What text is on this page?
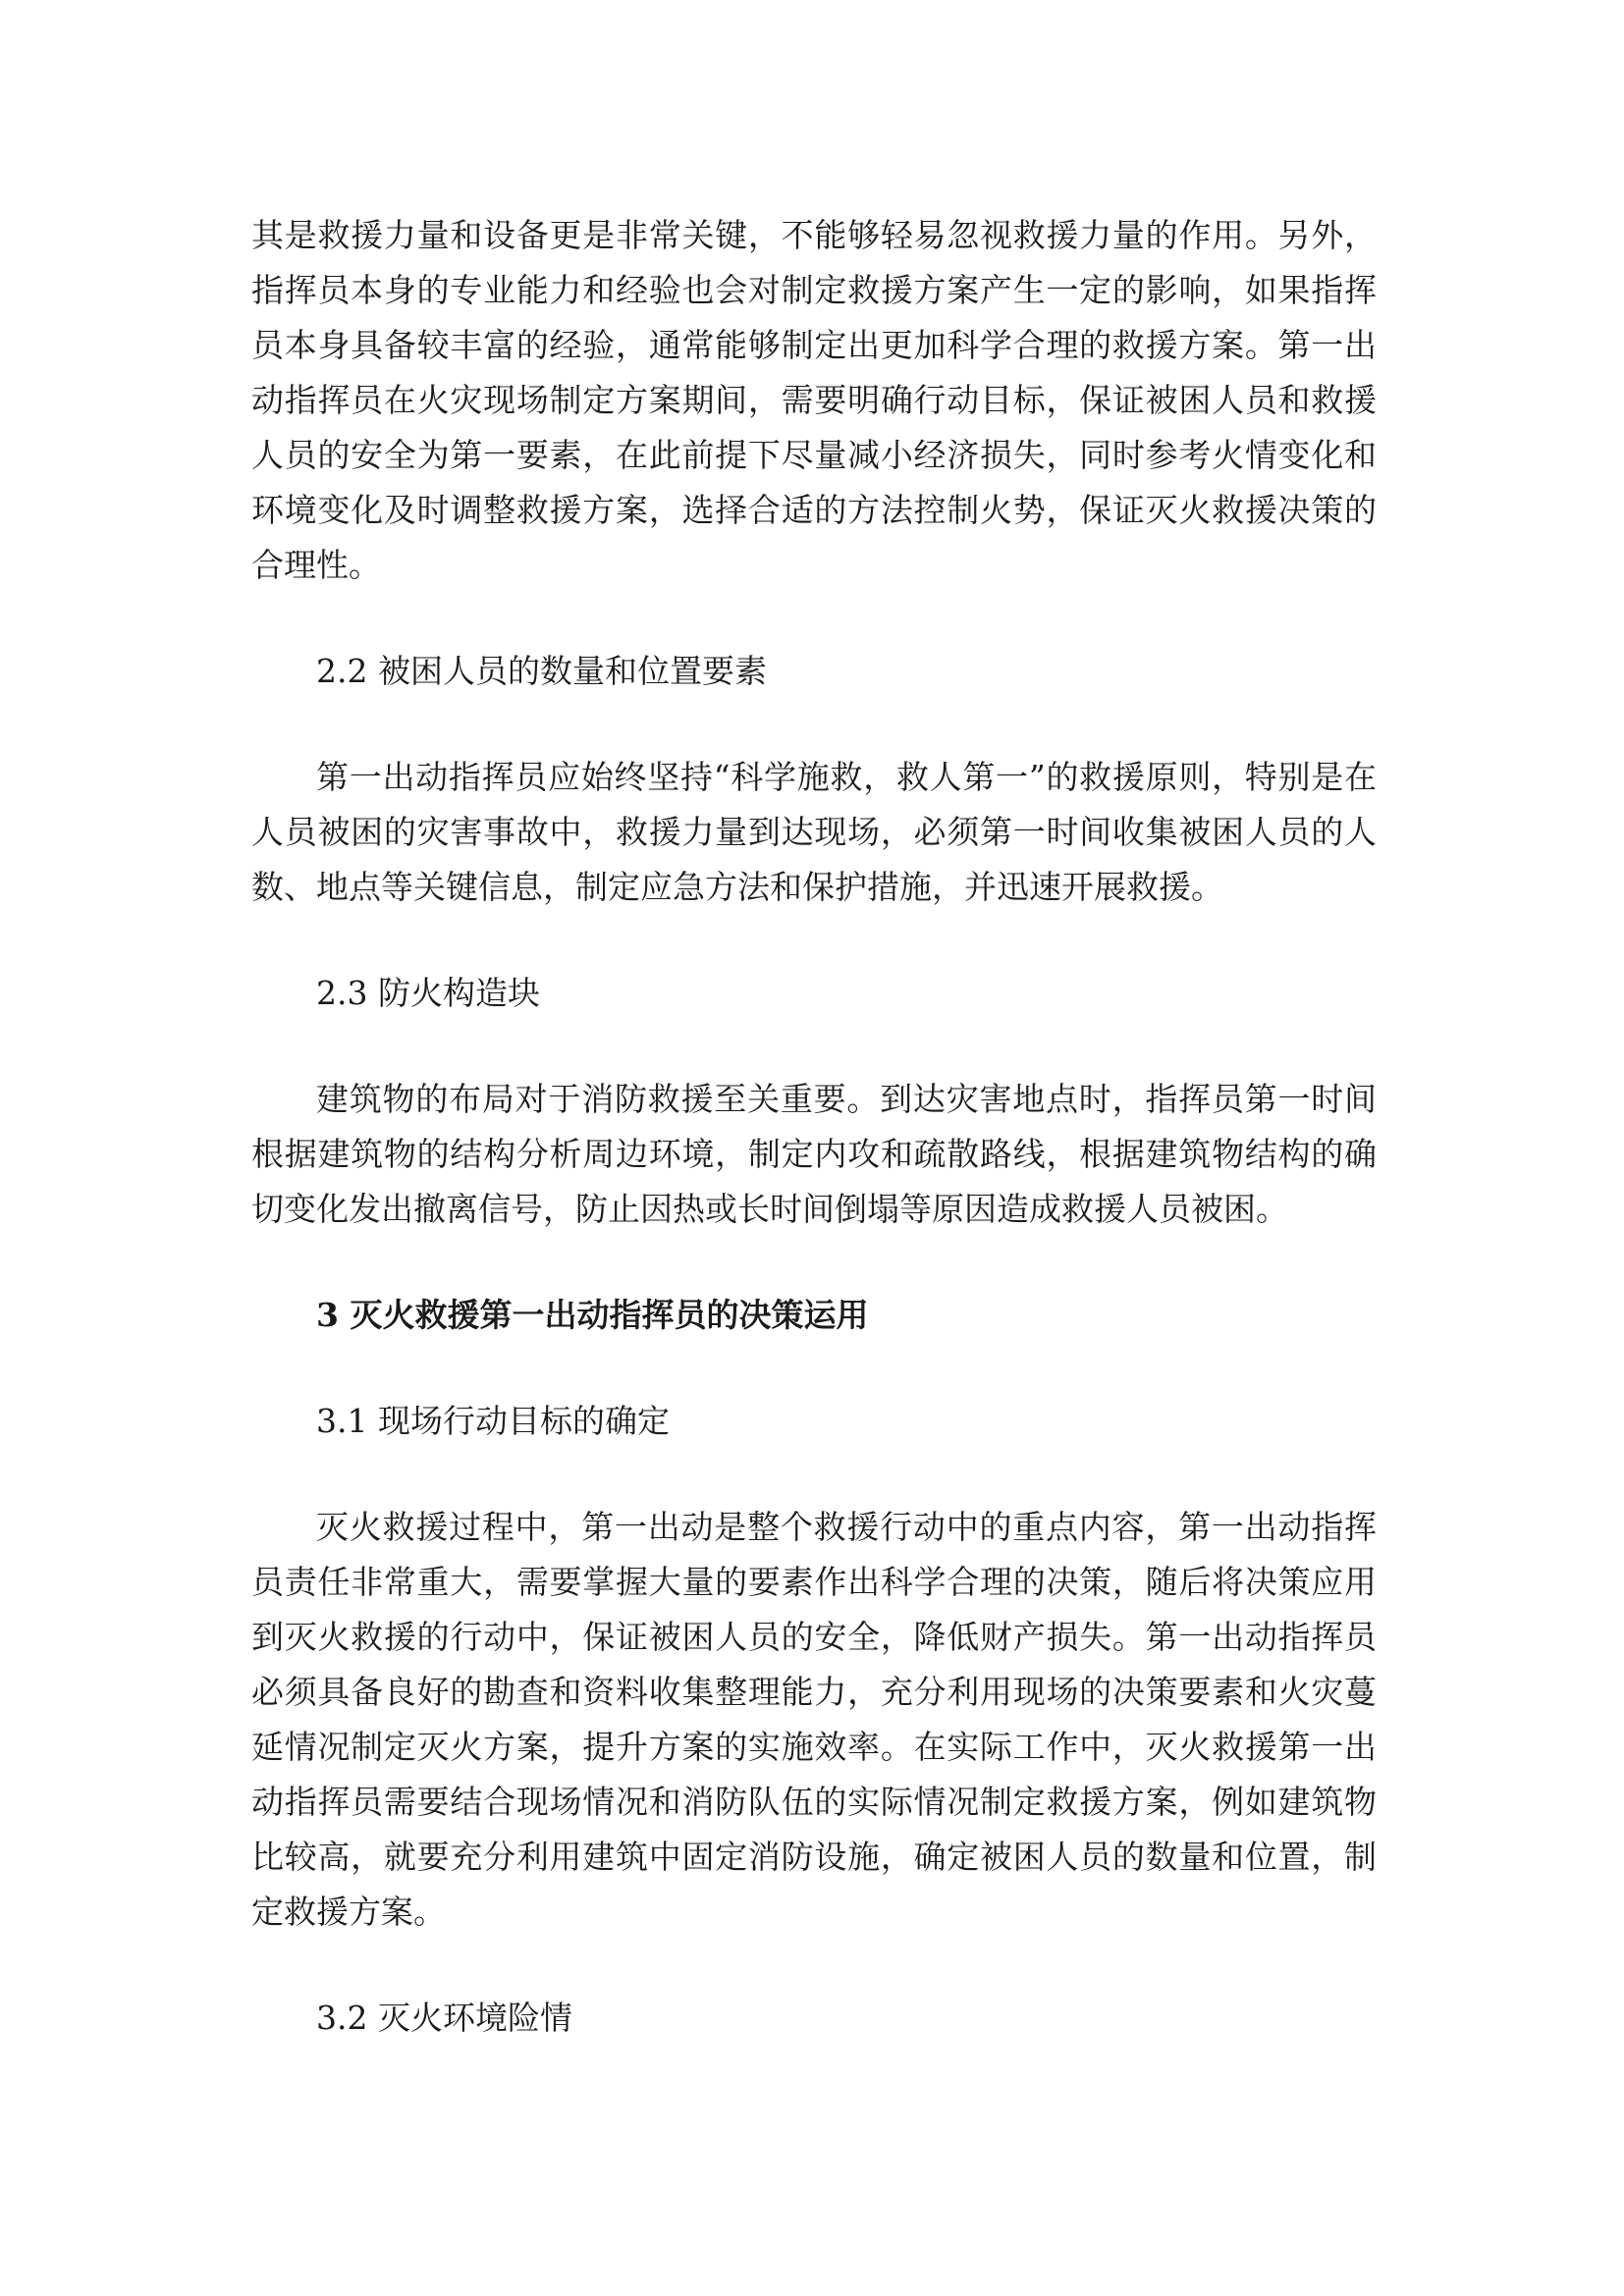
其是救援力量和设备更是非常关键，不能够轻易忽视救援力量的作用。另外，指挥员本身的专业能力和经验也会对制定救援方案产生一定的影响，如果指挥员本身具备较丰富的经验，通常能够制定出更加科学合理的救援方案。第一出动指挥员在火灾现场制定方案期间，需要明确行动目标，保证被困人员和救援人员的安全为第一要素，在此前提下尽量减小经济损失，同时参考火情变化和环境变化及时调整救援方案，选择合适的方法控制火势，保证灭火救援决策的合理性。

2.2 被困人员的数量和位置要素

第一出动指挥员应始终坚持“科学施救，救人第一”的救援原则，特别是在人员被困的灾害事故中，救援力量到达现场，必须第一时间收集被困人员的人数、地点等关键信息，制定应急方法和保护措施，并迅速开展救援。

2.3 防火构造块

建筑物的布局对于消防救援至关重要。到达灾害地点时，指挥员第一时间根据建筑物的结构分析周边环境，制定内攻和疏散路线，根据建筑物结构的确切变化发出撤离信号，防止因热或长时间倒塌等原因造成救援人员被困。

3 灭火救援第一出动指挥员的决策运用
3.1 现场行动目标的确定

灭火救援过程中，第一出动是整个救援行动中的重点内容，第一出动指挥员责任非常重大，需要掌握大量的要素作出科学合理的决策，随后将决策应用到灭火救援的行动中，保证被困人员的安全，降低财产损失。第一出动指挥员必须具备良好的勘查和资料收集整理能力，充分利用现场的决策要素和火灾蔓延情况制定灭火方案，提升方案的实施效率。在实际工作中，灭火救援第一出动指挥员需要结合现场情况和消防队伍的实际情况制定救援方案，例如建筑物比较高，就要充分利用建筑中固定消防设施，确定被困人员的数量和位置，制定救援方案。

3.2 灭火环境险情
